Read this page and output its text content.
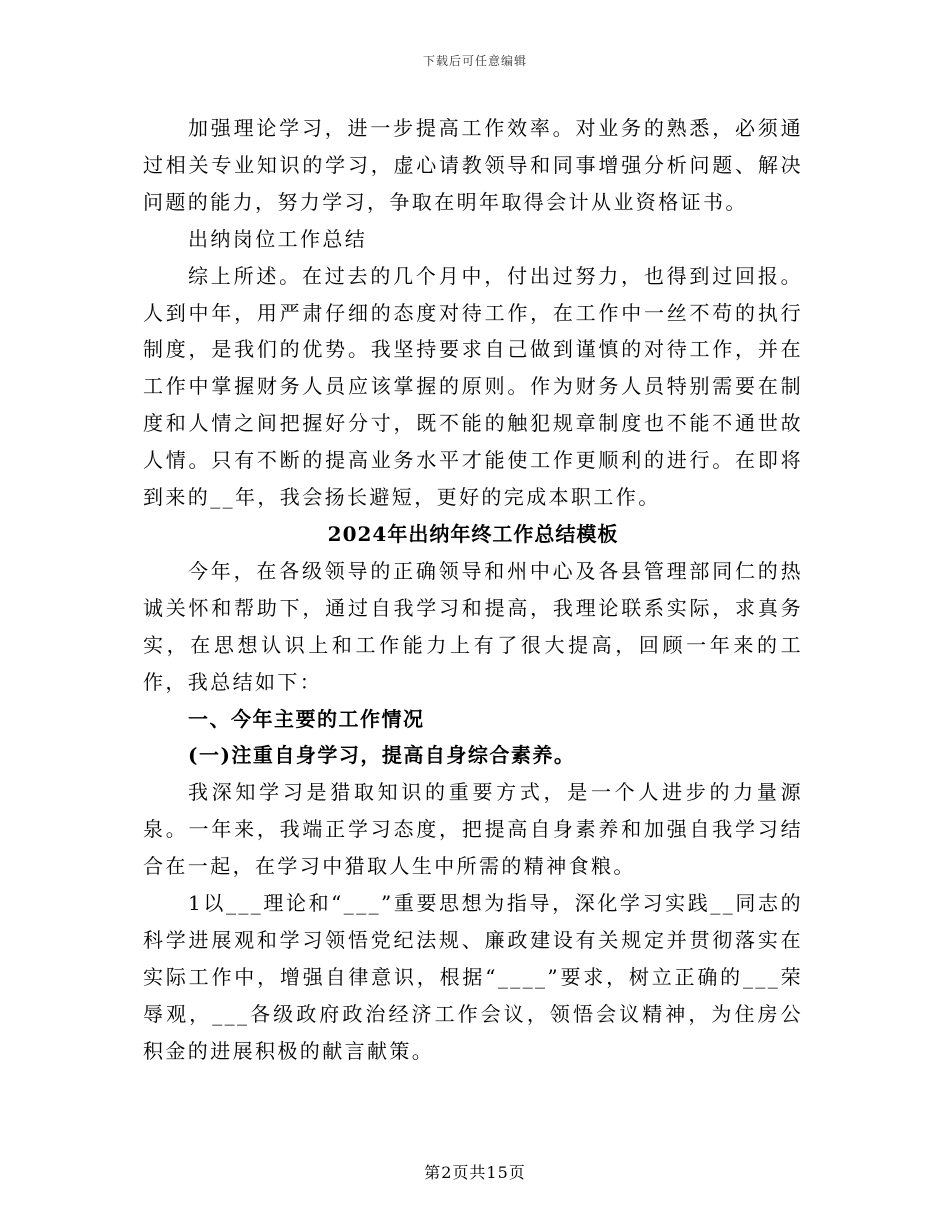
下载后可任意编辑

加强理论学习，进一步提高工作效率。对业务的熟悉，必须通过相关专业知识的学习，虚心请教领导和同事增强分析问题、解决问题的能力，努力学习，争取在明年取得会计从业资格证书。

出纳岗位工作总结

综上所述。在过去的几个月中，付出过努力，也得到过回报。人到中年，用严肃仔细的态度对待工作，在工作中一丝不苟的执行制度，是我们的优势。我坚持要求自己做到谨慎的对待工作，并在工作中掌握财务人员应该掌握的原则。作为财务人员特别需要在制度和人情之间把握好分寸，既不能的触犯规章制度也不能不通世故人情。只有不断的提高业务水平才能使工作更顺利的进行。在即将到来的__年，我会扬长避短，更好的完成本职工作。

2024年出纳年终工作总结模板

今年，在各级领导的正确领导和州中心及各县管理部同仁的热诚关怀和帮助下，通过自我学习和提高，我理论联系实际，求真务实，在思想认识上和工作能力上有了很大提高，回顾一年来的工作，我总结如下：

一、今年主要的工作情况

(一)注重自身学习，提高自身综合素养。

我深知学习是猎取知识的重要方式，是一个人进步的力量源泉。一年来，我端正学习态度，把提高自身素养和加强自我学习结合在一起，在学习中猎取人生中所需的精神食粮。

1以___理论和“___”重要思想为指导，深化学习实践__同志的科学进展观和学习领悟党纪法规、廉政建设有关规定并贯彻落实在实际工作中，增强自律意识，根据“____”要求，树立正确的___荣辱观，___各级政府政治经济工作会议，领悟会议精神，为住房公积金的进展积极的献言献策。

第2页共15页
